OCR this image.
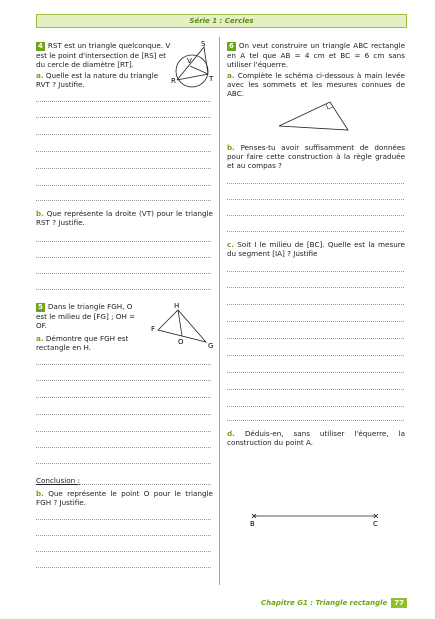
Série 1 : Cercles
4 RST est un triangle quelconque. V est le point d'intersection de [RS] et du cercle de diamètre [RT].
S
V
R	T
a. Quelle est la nature du triangle RVT ? Justifie.
b. Que représente la droite (VT) pour le triangle RST ? Justifie.
5 Dans le triangle FGH, O est le milieu de [FG] ; OH = OF.
H
F
O	G
a. Démontre que FGH est rectangle en H.
Conclusion :
b. Que représente le point O pour le triangle FGH ? Justifie.
6 On veut construire un triangle ABC rectangle en A tel que AB = 4 cm et BC = 6 cm sans utiliser l'équerre.
a. Complète le schéma ci-dessous à main levée avec les sommets et les mesures connues de ABC.
b. Penses-tu avoir suffisamment de données pour faire cette construction à la règle graduée et au compas ?
c. Soit I le milieu de [BC]. Quelle est la mesure du segment [IA] ? Justifie
d. Déduis-en, sans utiliser l'équerre, la construction du point A.
B	C
Chapitre G1 : Triangle rectangle 77
